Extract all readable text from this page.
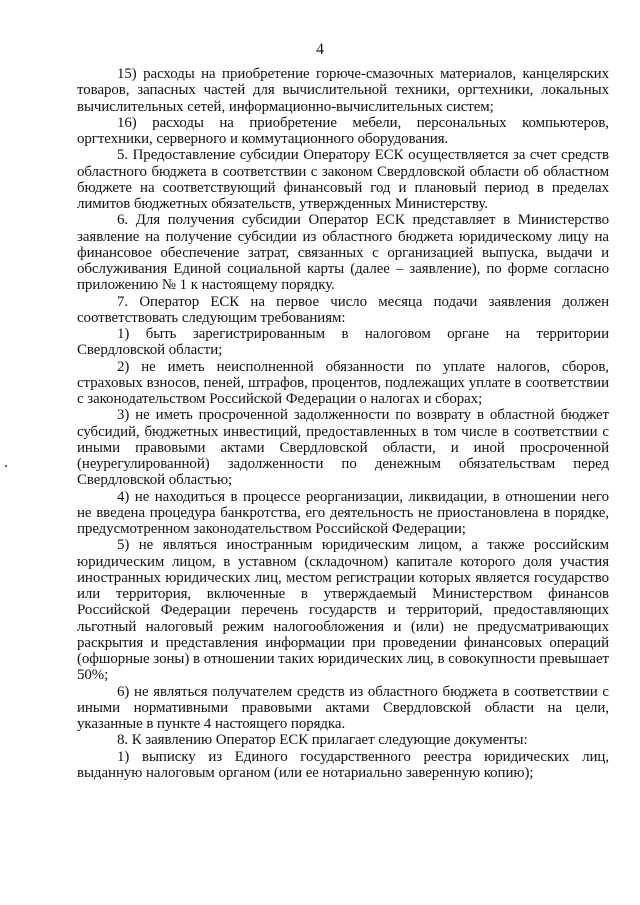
4

15) расходы на приобретение горюче-смазочных материалов, канцелярских товаров, запасных частей для вычислительной техники, оргтехники, локальных вычислительных сетей, информационно-вычислительных систем;

16) расходы на приобретение мебели, персональных компьютеров, оргтехники, серверного и коммутационного оборудования.

5. Предоставление субсидии Оператору ЕСК осуществляется за счет средств областного бюджета в соответствии с законом Свердловской области об областном бюджете на соответствующий финансовый год и плановый период в пределах лимитов бюджетных обязательств, утвержденных Министерству.

6. Для получения субсидии Оператор ЕСК представляет в Министерство заявление на получение субсидии из областного бюджета юридическому лицу на финансовое обеспечение затрат, связанных с организацией выпуска, выдачи и обслуживания Единой социальной карты (далее – заявление), по форме согласно приложению № 1 к настоящему порядку.

7. Оператор ЕСК на первое число месяца подачи заявления должен соответствовать следующим требованиям:

1) быть зарегистрированным в налоговом органе на территории Свердловской области;

2) не иметь неисполненной обязанности по уплате налогов, сборов, страховых взносов, пеней, штрафов, процентов, подлежащих уплате в соответствии с законодательством Российской Федерации о налогах и сборах;

3) не иметь просроченной задолженности по возврату в областной бюджет субсидий, бюджетных инвестиций, предоставленных в том числе в соответствии с иными правовыми актами Свердловской области, и иной просроченной (неурегулированной) задолженности по денежным обязательствам перед Свердловской областью;

4) не находиться в процессе реорганизации, ликвидации, в отношении него не введена процедура банкротства, его деятельность не приостановлена в порядке, предусмотренном законодательством Российской Федерации;

5) не являться иностранным юридическим лицом, а также российским юридическим лицом, в уставном (складочном) капитале которого доля участия иностранных юридических лиц, местом регистрации которых является государство или территория, включенные в утверждаемый Министерством финансов Российской Федерации перечень государств и территорий, предоставляющих льготный налоговый режим налогообложения и (или) не предусматривающих раскрытия и представления информации при проведении финансовых операций (офшорные зоны) в отношении таких юридических лиц, в совокупности превышает 50%;

6) не являться получателем средств из областного бюджета в соответствии с иными нормативными правовыми актами Свердловской области на цели, указанные в пункте 4 настоящего порядка.

8. К заявлению Оператор ЕСК прилагает следующие документы:

1) выписку из Единого государственного реестра юридических лиц, выданную налоговым органом (или ее нотариально заверенную копию);
